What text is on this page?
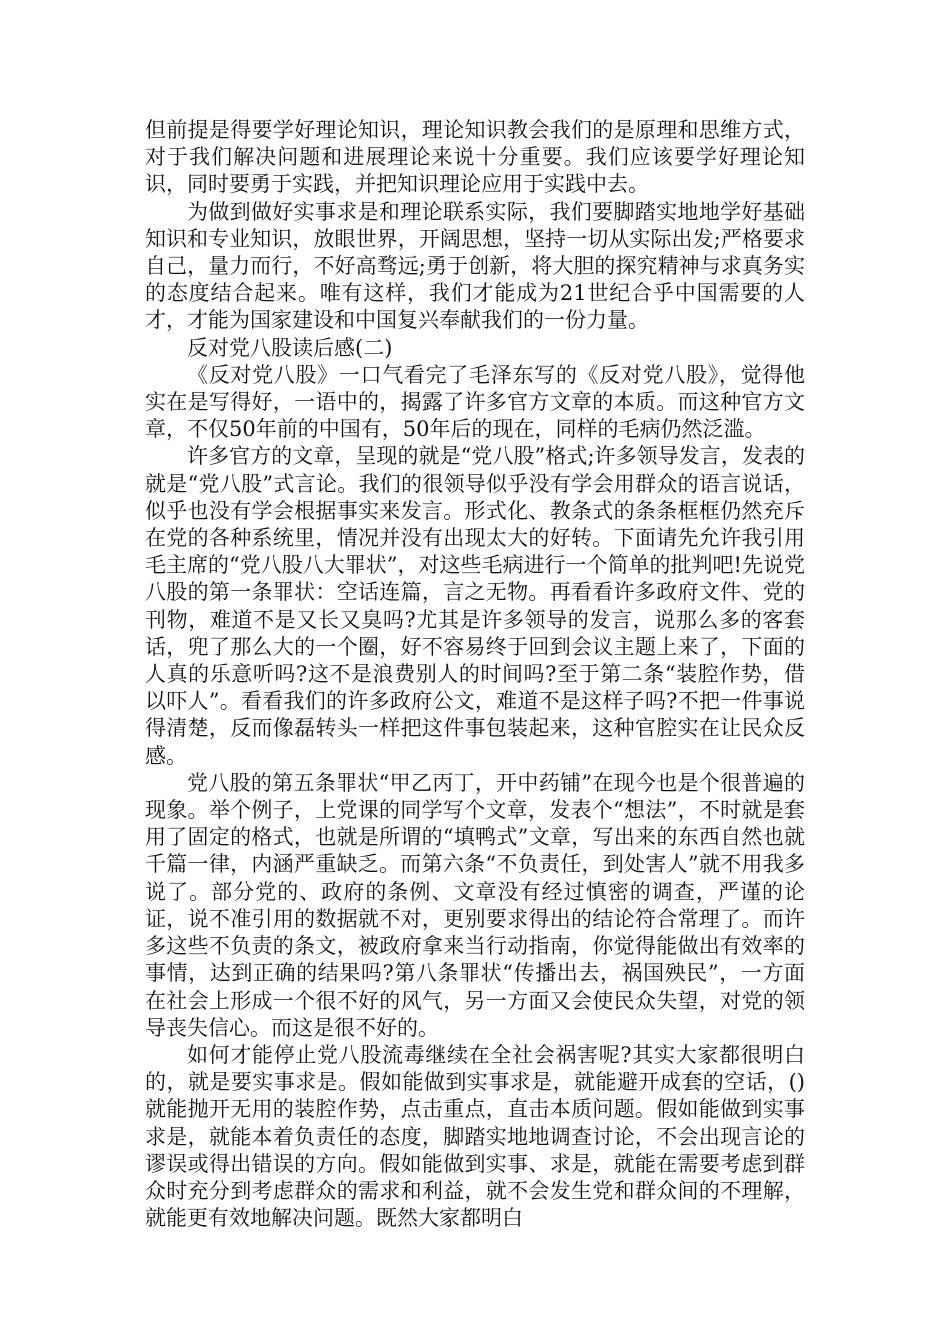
但前提是得要学好理论知识，理论知识教会我们的是原理和思维方式，对于我们解决问题和进展理论来说十分重要。我们应该要学好理论知识，同时要勇于实践，并把知识理论应用于实践中去。

为做到做好实事求是和理论联系实际，我们要脚踏实地地学好基础知识和专业知识，放眼世界，开阔思想，坚持一切从实际出发;严格要求自己，量力而行，不好高骛远;勇于创新，将大胆的探究精神与求真务实的态度结合起来。唯有这样，我们才能成为21世纪合乎中国需要的人才，才能为国家建设和中国复兴奉献我们的一份力量。

反对党八股读后感(二)

《反对党八股》一口气看完了毛泽东写的《反对党八股》，觉得他实在是写得好，一语中的，揭露了许多官方文章的本质。而这种官方文章，不仅50年前的中国有，50年后的现在，同样的毛病仍然泛滥。

许多官方的文章，呈现的就是“党八股”格式;许多领导发言，发表的就是“党八股”式言论。我们的很领导似乎没有学会用群众的语言说话，似乎也没有学会根据事实来发言。形式化、教条式的条条框框仍然充斥在党的各种系统里，情况并没有出现太大的好转。下面请先允许我引用毛主席的“党八股八大罪状”，对这些毛病进行一个简单的批判吧!先说党八股的第一条罪状：空话连篇，言之无物。再看看许多政府文件、党的刊物，难道不是又长又臭吗?尤其是许多领导的发言，说那么多的客套话，兜了那么大的一个圈，好不容易终于回到会议主题上来了，下面的人真的乐意听吗?这不是浪费别人的时间吗?至于第二条“装腔作势，借以吓人”。看看我们的许多政府公文，难道不是这样子吗?不把一件事说得清楚，反而像磊转头一样把这件事包装起来，这种官腔实在让民众反感。

党八股的第五条罪状“甲乙丙丁，开中药铺”在现今也是个很普遍的现象。举个例子，上党课的同学写个文章，发表个“想法”，不时就是套用了固定的格式，也就是所谓的“填鸭式”文章，写出来的东西自然也就千篇一律，内涵严重缺乏。而第六条“不负责任，到处害人”就不用我多说了。部分党的、政府的条例、文章没有经过慎密的调查，严谨的论证，说不准引用的数据就不对，更别要求得出的结论符合常理了。而许多这些不负责的条文，被政府拿来当行动指南，你觉得能做出有效率的事情，达到正确的结果吗?第八条罪状“传播出去，祸国殃民”，一方面在社会上形成一个很不好的风气，另一方面又会使民众失望，对党的领导丧失信心。而这是很不好的。

如何才能停止党八股流毒继续在全社会祸害呢?其实大家都很明白的，就是要实事求是。假如能做到实事求是，就能避开成套的空话，()就能抛开无用的装腔作势，点击重点，直击本质问题。假如能做到实事求是，就能本着负责任的态度，脚踏实地地调查讨论，不会出现言论的谬误或得出错误的方向。假如能做到实事、求是，就能在需要考虑到群众时充分到考虑群众的需求和利益，就不会发生党和群众间的不理解，就能更有效地解决问题。既然大家都明白
